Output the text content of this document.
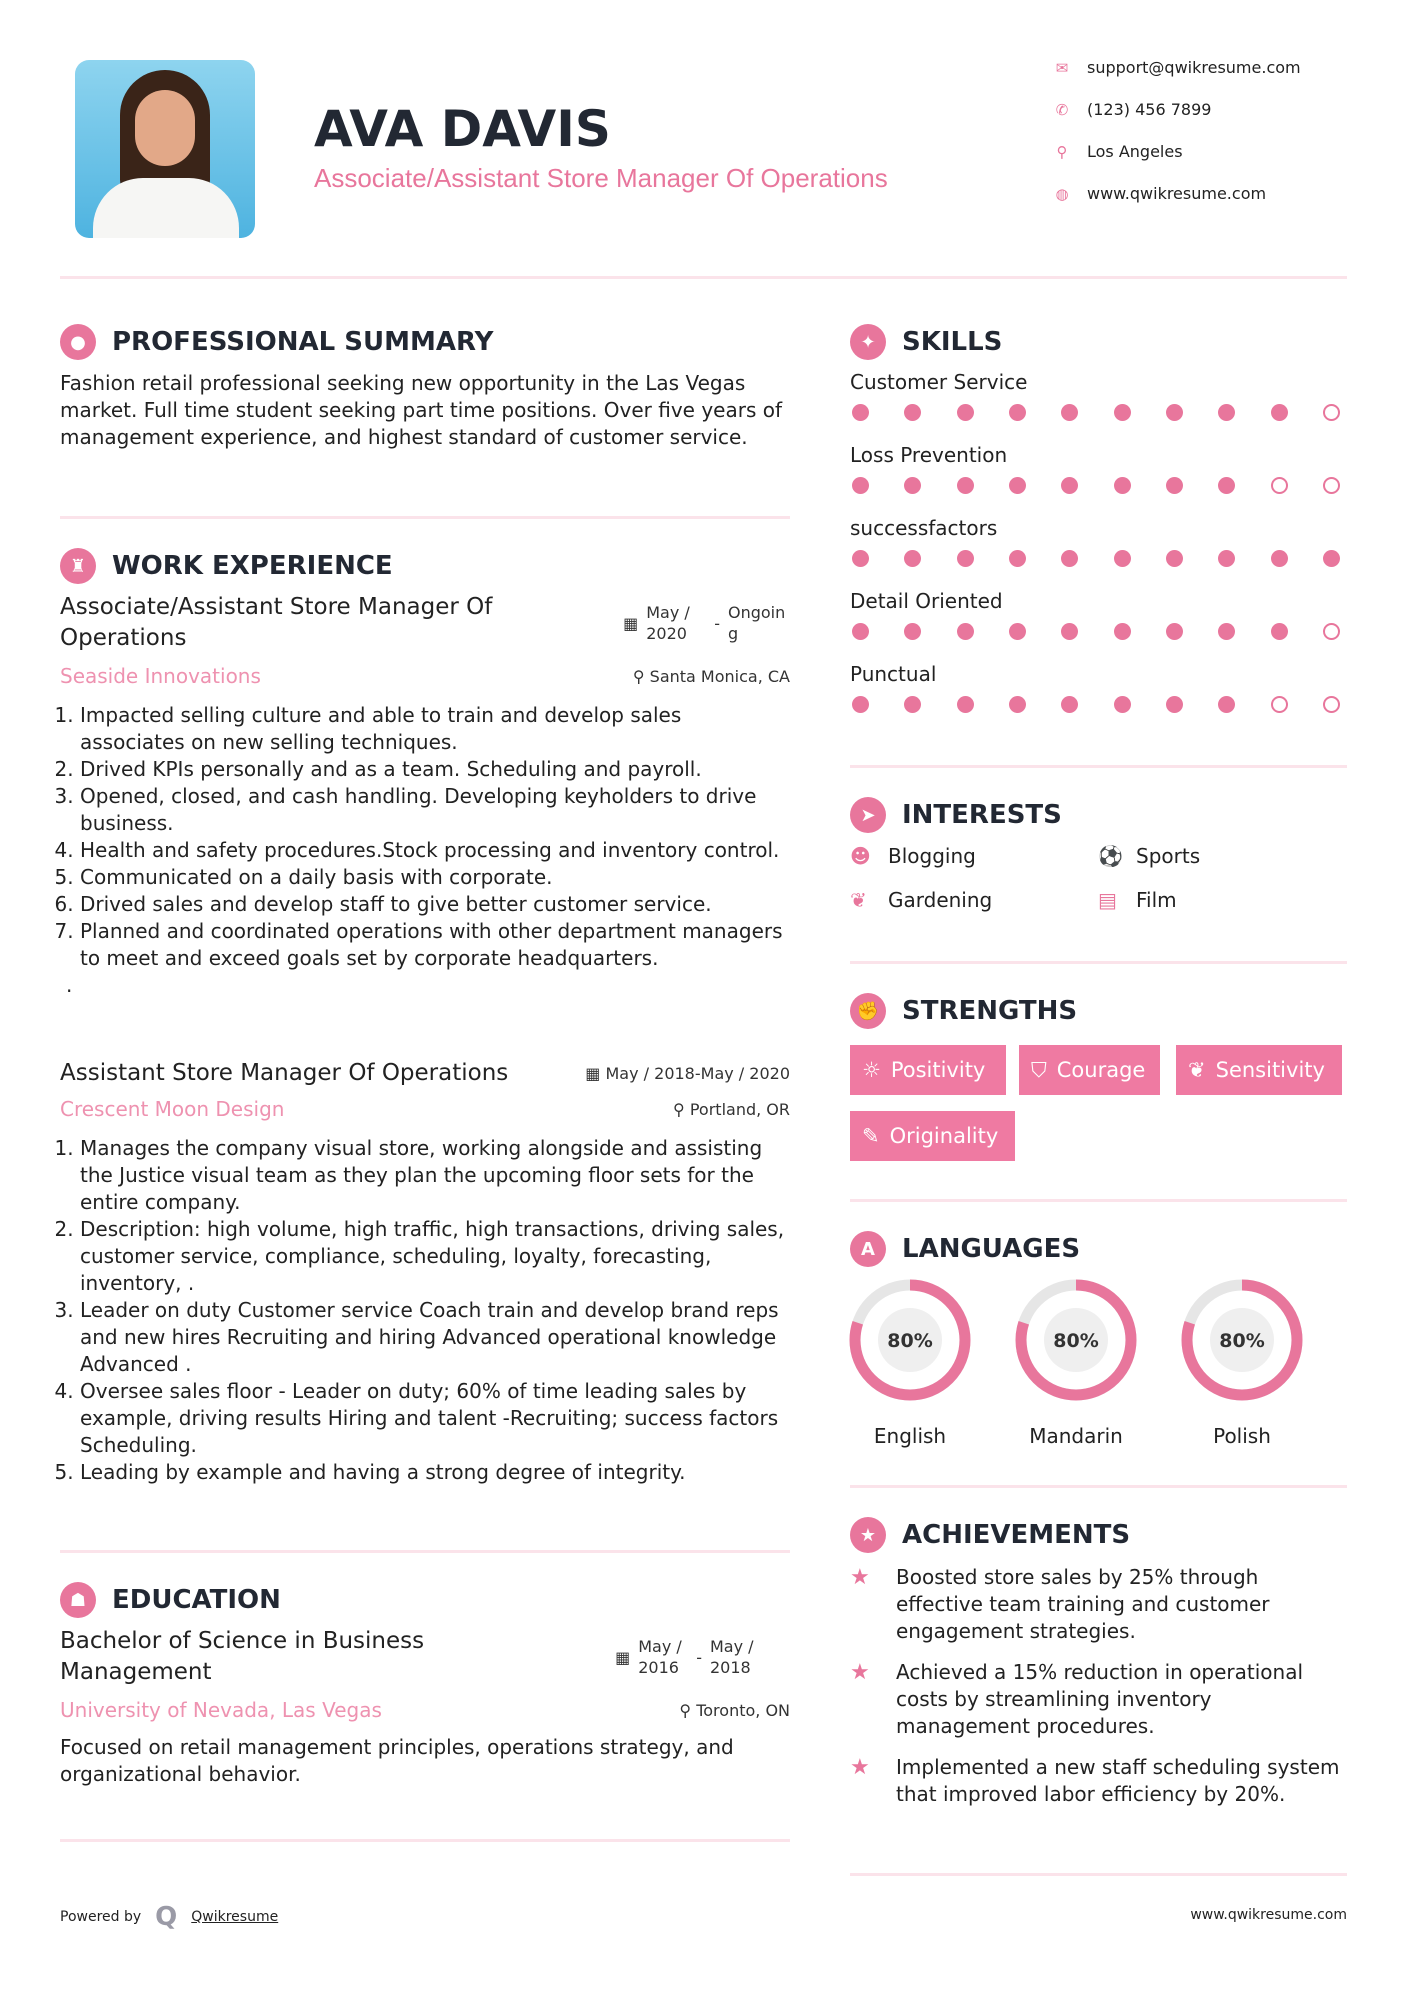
AVA DAVIS
Associate/Assistant Store Manager Of Operations
✉ support@qwikresume.com
✆ (123) 456 7899
⚲ Los Angeles
◍ www.qwikresume.com
●	PROFESSIONAL SUMMARY
Fashion retail professional seeking new opportunity in the Las Vegas market. Full time student seeking part time positions. Over five years of management experience, and highest standard of customer service.
♜ WORK EXPERIENCE
Associate/Assistant Store Manager Of Operations
▦
May / 2020
-
Ongoing
Seaside Innovations	⚲ Santa Monica, CA
1. Impacted selling culture and able to train and develop sales associates on new selling techniques.
2. Drived KPIs personally and as a team. Scheduling and payroll.
3. Opened, closed, and cash handling. Developing keyholders to drive business.
4. Health and safety procedures.Stock processing and inventory control.
5. Communicated on a daily basis with corporate.
6. Drived sales and develop staff to give better customer service.
7. Planned and coordinated operations with other department managers to meet and exceed goals set by corporate headquarters.
.
Assistant Store Manager Of Operations	▦ May / 2018-May / 2020
Crescent Moon Design	⚲ Portland, OR
1. Manages the company visual store, working alongside and assisting the Justice visual team as they plan the upcoming floor sets for the entire company.
2. Description: high volume, high traffic, high transactions, driving sales, customer service, compliance, scheduling, loyalty, forecasting, inventory, .
3. Leader on duty Customer service Coach train and develop brand reps and new hires Recruiting and hiring Advanced operational knowledge Advanced .
4. Oversee sales floor - Leader on duty; 60% of time leading sales by example, driving results Hiring and talent -Recruiting; success factors Scheduling.
5. Leading by example and having a strong degree of integrity.
☗ EDUCATION
Bachelor of Science in Business Management
▦
May / 2016
-
May / 2018
University of Nevada, Las Vegas	⚲ Toronto, ON
Focused on retail management principles, operations strategy, and organizational behavior.
✦	SKILLS
Customer Service
Loss Prevention
successfactors
Detail Oriented
Punctual
➤	INTERESTS
☻ Blogging	⚽ Sports
❦	Gardening	▤ Film
✊ STRENGTHS
☼ Positivity ⛉ Courage ❦ Sensitivity
✎ Originality
A	LANGUAGES
80%
English
80%
Mandarin
80%
Polish
★ ACHIEVEMENTS
★	Boosted store sales by 25% through effective team training and customer engagement strategies.
★	Achieved a 15% reduction in operational costs by streamlining inventory management procedures.
★	Implemented a new staff scheduling system that improved labor efficiency by 20%.
Powered by Q Qwikresume	www.qwikresume.com
